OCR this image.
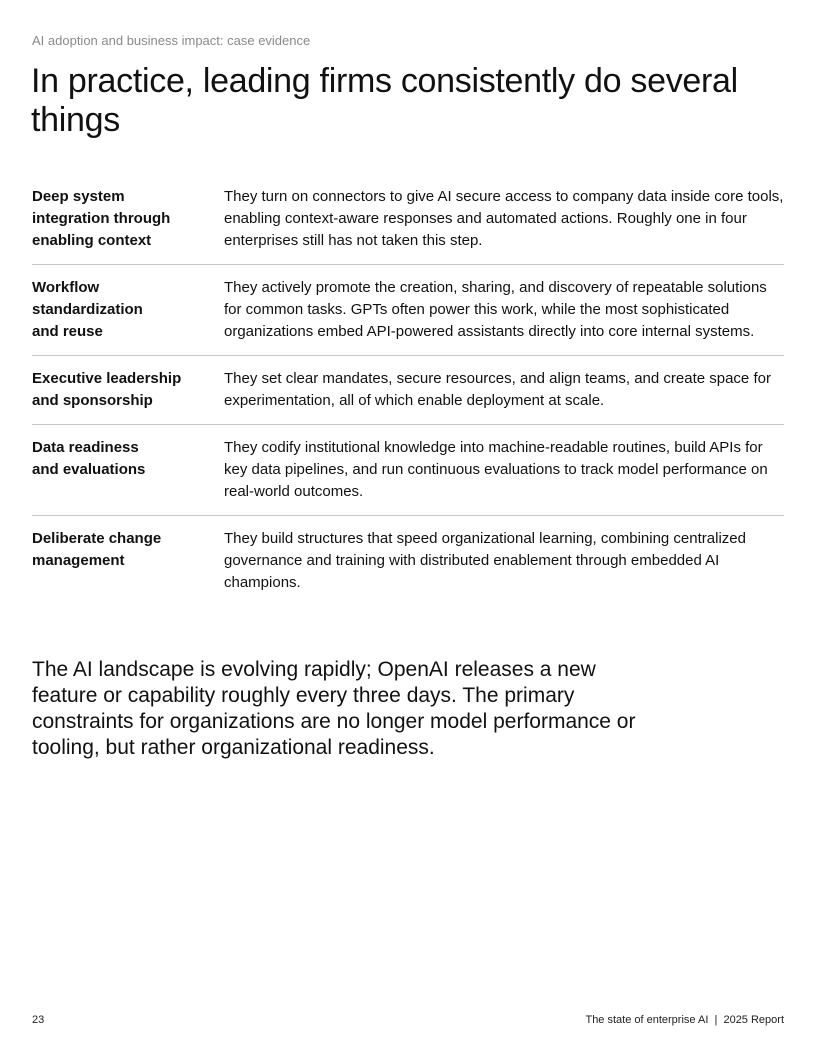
AI adoption and business impact: case evidence
In practice, leading firms consistently do several things
Deep system
integration through
enabling context
They turn on connectors to give AI secure access to company data inside core tools, enabling context-aware responses and automated actions. Roughly one in four enterprises still has not taken this step.
Workflow
standardization
and reuse
They actively promote the creation, sharing, and discovery of repeatable solutions for common tasks. GPTs often power this work, while the most sophisticated organizations embed API-powered assistants directly into core internal systems.
Executive leadership
and sponsorship
They set clear mandates, secure resources, and align teams, and create space for experimentation, all of which enable deployment at scale.
Data readiness
and evaluations
They codify institutional knowledge into machine-readable routines, build APIs for key data pipelines, and run continuous evaluations to track model performance on real-world outcomes.
Deliberate change
management
They build structures that speed organizational learning, combining centralized governance and training with distributed enablement through embedded AI champions.

The AI landscape is evolving rapidly; OpenAI releases a new feature or capability roughly every three days. The primary constraints for organizations are no longer model performance or tooling, but rather organizational readiness.

23	The state of enterprise AI  |  2025 Report
